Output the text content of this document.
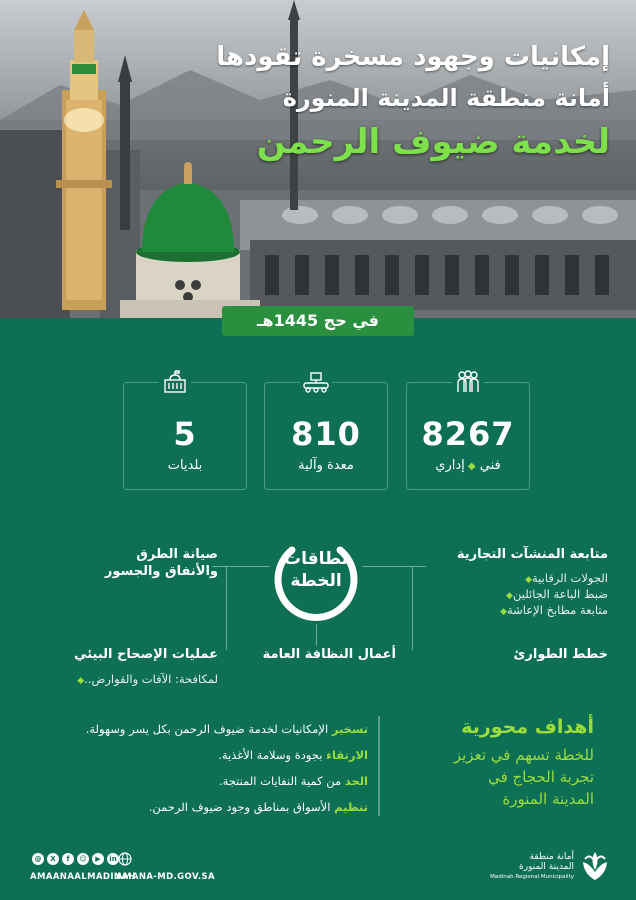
إمكانيات وجهود مسخرة تقودها
أمانة منطقة المدينة المنورة
لخدمة ضيوف الرحمن
في حج 1445هـ
8267
فني ◆ إداري
810
معدة وآلية
5
بلديات
نطاقات
الخطة
متابعة المنشآت التجارية
الجولات الرقابية◆
ضبط الباعة الجائلين◆
متابعة مطابخ الإعاشة◆
خطط الطوارئ
أعمال النظافة العامة
صيانة الطرق
والأنفاق والجسور
عمليات الإصحاح البيئي
لمكافحة: الآفات والقوارض..◆
أهداف محورية
للخطة تسهم في تعزيز
تجربة الحجاج في
المدينة المنورة
تسخير الإمكانيات لخدمة ضيوف الرحمن بكل يسر وسهولة.
الارتقاء بجودة وسلامة الأغذية.
الحد من كمية النفايات المنتجة.
تنظيم الأسواق بمناطق وجود ضيوف الرحمن.
@	X	f	☺	▶	in
AMAANAALMADINAH
AMANA-MD.GOV.SA
أمانة منطقة
المدينة المنورة
Madinah Regional Municipality
